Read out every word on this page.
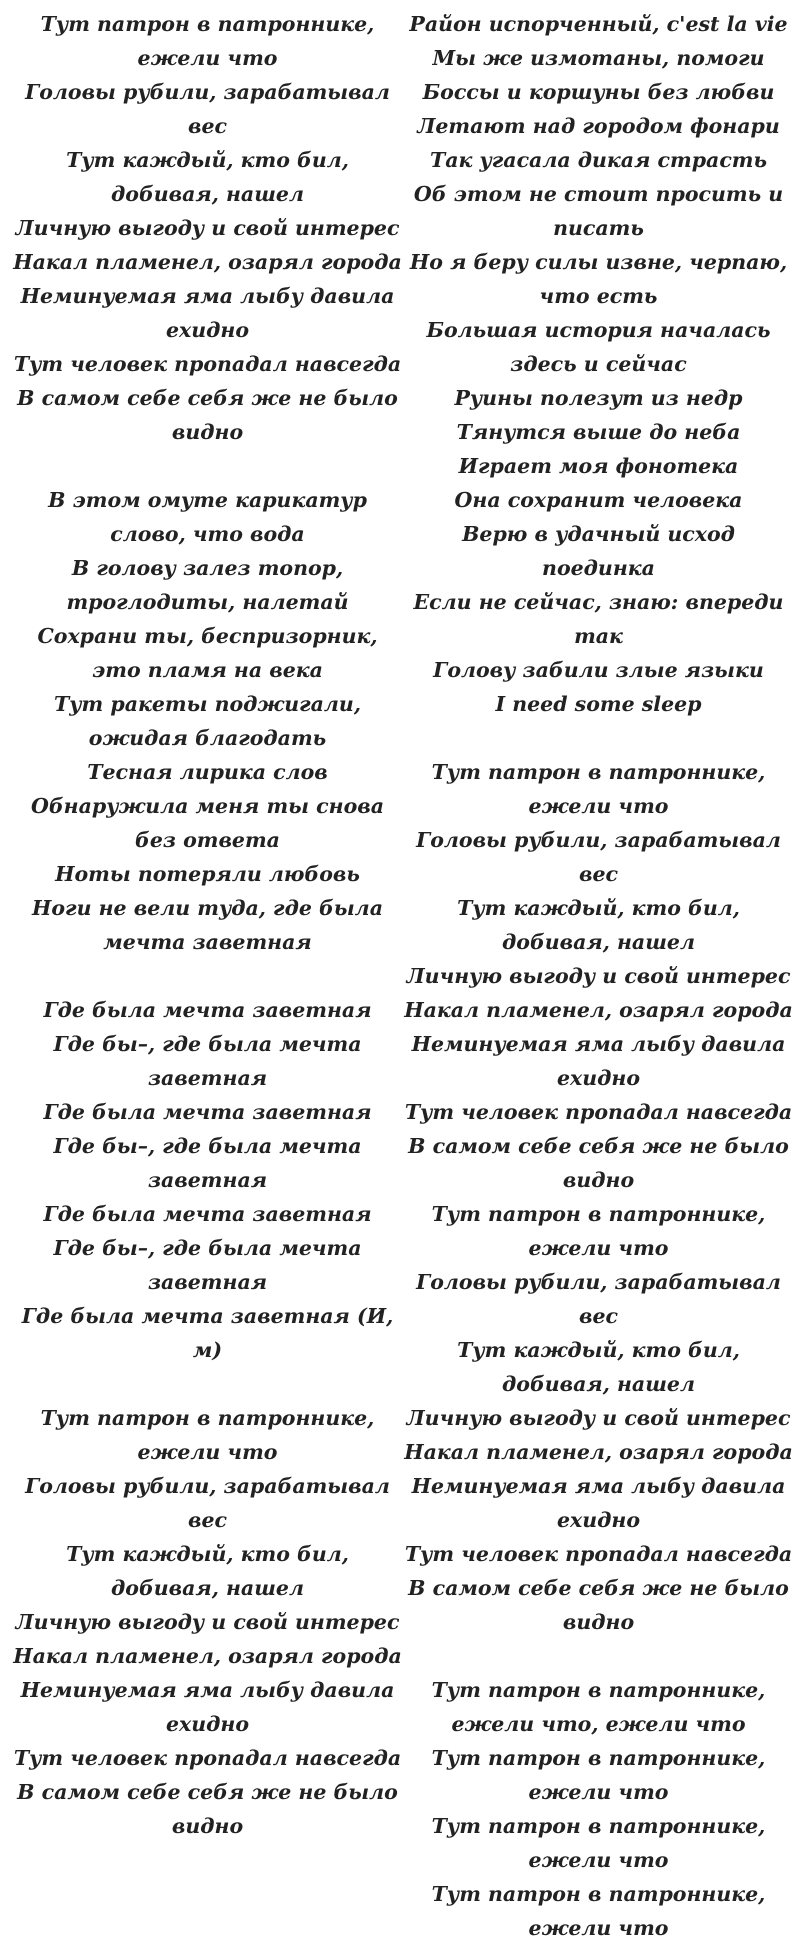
Тут патрон в патроннике, ежели что
Головы рубили, зарабатывал вес
Тут каждый, кто бил, добивая, нашел
Личную выгоду и свой интерес
Накал пламенел, озарял города
Неминуемая яма лыбу давила ехидно
Тут человек пропадал навсегда
В самом себе себя же не было видно
В этом омуте карикатур слово, что вода
В голову залез топор, троглодиты, налетай
Сохрани ты, беспризорник, это пламя на века
Тут ракеты поджигали, ожидая благодать
Тесная лирика слов
Обнаружила меня ты снова без ответа
Ноты потеряли любовь
Ноги не вели туда, где была мечта заветная
Где была мечта заветная
Где бы–, где была мечта заветная
Где была мечта заветная
Где бы–, где была мечта заветная
Где была мечта заветная
Где бы–, где была мечта заветная
Где была мечта заветная (И, м)
Тут патрон в патроннике, ежели что
Головы рубили, зарабатывал вес
Тут каждый, кто бил, добивая, нашел
Личную выгоду и свой интерес
Накал пламенел, озарял города
Неминуемая яма лыбу давила ехидно
Тут человек пропадал навсегда
В самом себе себя же не было видно
Район испорченный, c'est la vie
Мы же измотаны, помоги
Боссы и коршуны без любви
Летают над городом фонари
Так угасала дикая страсть
Об этом не стоит просить и писать
Но я беру силы извне, черпаю, что есть
Большая история началась здесь и сейчас
Руины полезут из недр
Тянутся выше до неба
Играет моя фонотека
Она сохранит человека
Верю в удачный исход поединка
Если не сейчас, знаю: впереди так
Голову забили злые языки
I need some sleep
Тут патрон в патроннике, ежели что
Головы рубили, зарабатывал вес
Тут каждый, кто бил, добивая, нашел
Личную выгоду и свой интерес
Накал пламенел, озарял города
Неминуемая яма лыбу давила ехидно
Тут человек пропадал навсегда
В самом себе себя же не было видно
Тут патрон в патроннике, ежели что
Головы рубили, зарабатывал вес
Тут каждый, кто бил, добивая, нашел
Личную выгоду и свой интерес
Накал пламенел, озарял города
Неминуемая яма лыбу давила ехидно
Тут человек пропадал навсегда
В самом себе себя же не было видно
Тут патрон в патроннике, ежели что, ежели что
Тут патрон в патроннике, ежели что
Тут патрон в патроннике, ежели что
Тут патрон в патроннике, ежели что
